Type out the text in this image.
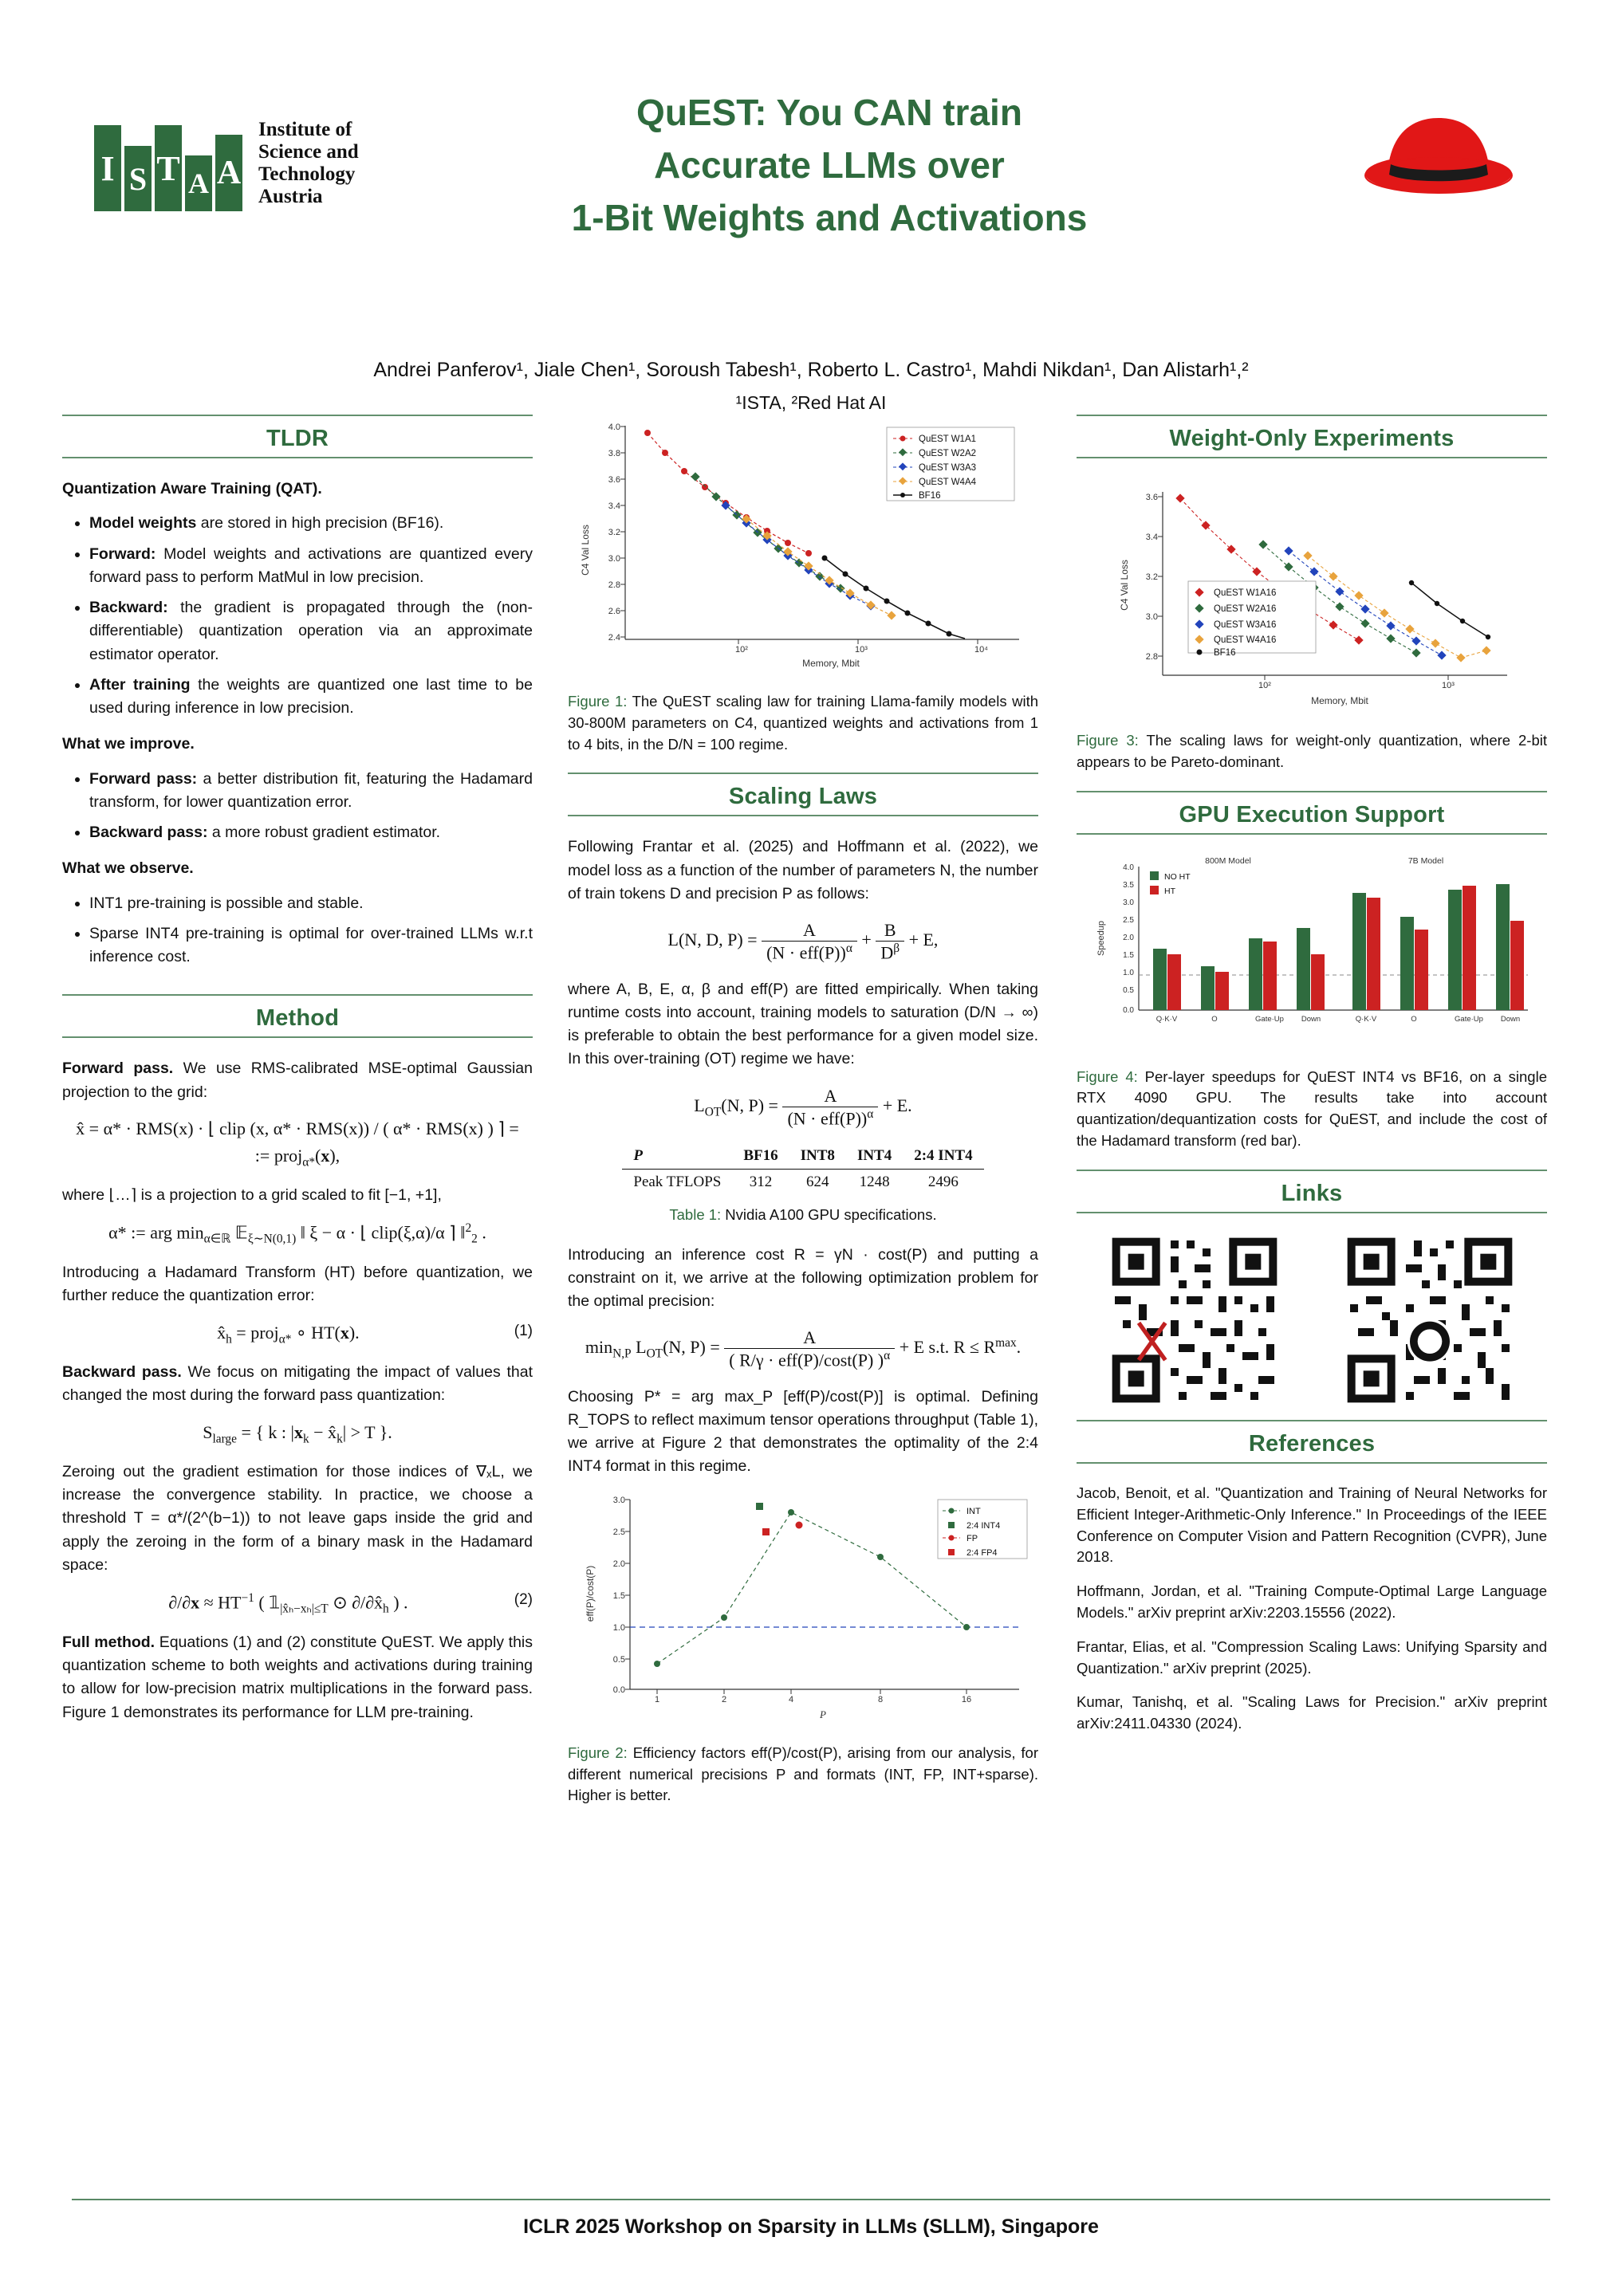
I S T A A
Institute of
Science and
Technology
Austria
QuEST: You CAN train
Accurate LLMs over
1-Bit Weights and Activations
Andrei Panferov¹, Jiale Chen¹, Soroush Tabesh¹, Roberto L. Castro¹, Mahdi Nikdan¹, Dan Alistarh¹,²
¹ISTA, ²Red Hat AI
TLDR

Quantization Aware Training (QAT).

• Model weights are stored in high precision (BF16).
• Forward: Model weights and activations are quantized every forward pass to perform MatMul in low precision.
• Backward: the gradient is propagated through the (non-differentiable) quantization operation via an approximate estimator operator.
• After training the weights are quantized one last time to be used during inference in low precision.

What we improve.

• Forward pass: a better distribution fit, featuring the Hadamard transform, for lower quantization error.
• Backward pass: a more robust gradient estimator.

What we observe.

• INT1 pre-training is possible and stable.
• Sparse INT4 pre-training is optimal for over-trained LLMs w.r.t inference cost.
Method

Forward pass. We use RMS-calibrated MSE-optimal Gaussian projection to the grid:

x̂ = α* · RMS(x) · ⌊ clip (x, α* · RMS(x)) / ( α* · RMS(x) ) ⌉ =
:= proj$_{\alpha*}$(x),

where ⌊…⌉ is a projection to a grid scaled to fit [−1, +1],

α* := arg $\min_{\alpha\in ℝ}$ 𝔼$_{\xi\sim N(0,1)}$ ‖ ξ − α · ⌊ clip(ξ,α)/α ⌉ ‖$^2_2$ .

Introducing a Hadamard Transform (HT) before quantization, we further reduce the quantization error:

(1)
$x̂_h$ = proj$_{\alpha*}$ ∘ HT(x).

Backward pass. We focus on mitigating the impact of values that changed the most during the forward pass quantization:

$S_{large}$ = { k : $|x_k$ − $x̂_k| > T$ }.

Zeroing out the gradient estimation for those indices of ∇ₓL, we increase the convergence stability. In practice, we choose a threshold T = α*/(2^(b−1)) to not leave gaps inside the grid and apply the zeroing in the form of a binary mask in the Hadamard space:

(2)
$\partial/\partial x \approx HT^{-1}$ ( $𝟙_{|x̂_h-x_h|\le T}$ ⊙ $\partial/\partial x̂_h$ ) .

Full method. Equations (1) and (2) constitute QuEST. We apply this quantization scheme to both weights and activations during training to allow for low-precision matrix multiplications in the forward pass. Figure 1 demonstrates its performance for LLM pre-training.

4.0
3.8
3.6
3.4
3.2
3.0
2.8
2.6
2.4
10²	10³	10⁴
C4 Val Loss
Memory, Mbit
QuEST W1A1
QuEST W2A2
QuEST W3A3
QuEST W4A4
BF16

Figure 1: The QuEST scaling law for training Llama-family models with 30-800M parameters on C4, quantized weights and activations from 1 to 4 bits, in the D/N = 100 regime.

Scaling Laws

Following Frantar et al. (2025) and Hoffmann et al. (2022), we model loss as a function of the number of parameters N, the number of train tokens D and precision P as follows:

L(N, D, P) =	A
$(N \cdot eff(P))^\alpha + \frac{B}{D^\beta} + E$,

where A, B, E, α, β and eff(P) are fitted empirically. When taking runtime costs into account, training models to saturation (D/N → ∞) is preferable to obtain the best performance for a given model size. In this over-training (OT) regime we have:

$L_{OT}(N$, P) =	A
$(N \cdot eff(P))^\alpha + E$.
P	BF16	INT8	INT4	2:4 INT4
Peak TFLOPS	312	624	1248	2496

Table 1: Nvidia A100 GPU specifications.

Introducing an inference cost R = γN · cost(P) and putting a constraint on it, we arrive at the following optimization problem for the optimal precision:

$\min_{N,P} L_{OT}(N$, P) =	A
( R/γ · eff(P)/cost(P) )$^\alpha$ + E s.t. $R \le R^{max}$.

Choosing P* = arg max_P [eff(P)/cost(P)] is optimal. Defining R_TOPS to reflect maximum tensor operations throughput (Table 1), we arrive at Figure 2 that demonstrates the optimality of the 2:4 INT4 format in this regime.

3.0
2.5
2.0
1.5
1.0
0.5
0.0
1	2	4	8	16
eff(P)/cost(P)
P
INT
2:4 INT4
FP
2:4 FP4

Figure 2: Efficiency factors eff(P)/cost(P), arising from our analysis, for different numerical precisions P and formats (INT, FP, INT+sparse). Higher is better.

Weight-Only Experiments
3.6
3.4
3.2
3.0
2.8
10²	10³
C4 Val Loss
Memory, Mbit
QuEST W1A16
QuEST W2A16
QuEST W3A16
QuEST W4A16
BF16

Figure 3: The scaling laws for weight-only quantization, where 2-bit appears to be Pareto-dominant.

GPU Execution Support
4.0
3.5
3.0
2.5
2.0
1.5
1.0
0.5
0.0
Speedup
800M Model	7B Model
Q·K·V	O	Gate·Up Down	Q·K·V	O	Gate·Up Down
NO HT
HT

Figure 4: Per-layer speedups for QuEST INT4 vs BF16, on a single RTX 4090 GPU. The results take into account quantization/dequantization costs for QuEST, and include the cost of the Hadamard transform (red bar).

Links
References

Jacob, Benoit, et al. "Quantization and Training of Neural Networks for Efficient Integer-Arithmetic-Only Inference." In Proceedings of the IEEE Conference on Computer Vision and Pattern Recognition (CVPR), June 2018.

Hoffmann, Jordan, et al. "Training Compute-Optimal Large Language Models." arXiv preprint arXiv:2203.15556 (2022).

Frantar, Elias, et al. "Compression Scaling Laws: Unifying Sparsity and Quantization." arXiv preprint (2025).

Kumar, Tanishq, et al. "Scaling Laws for Precision." arXiv preprint arXiv:2411.04330 (2024).

ICLR 2025 Workshop on Sparsity in LLMs (SLLM), Singapore
